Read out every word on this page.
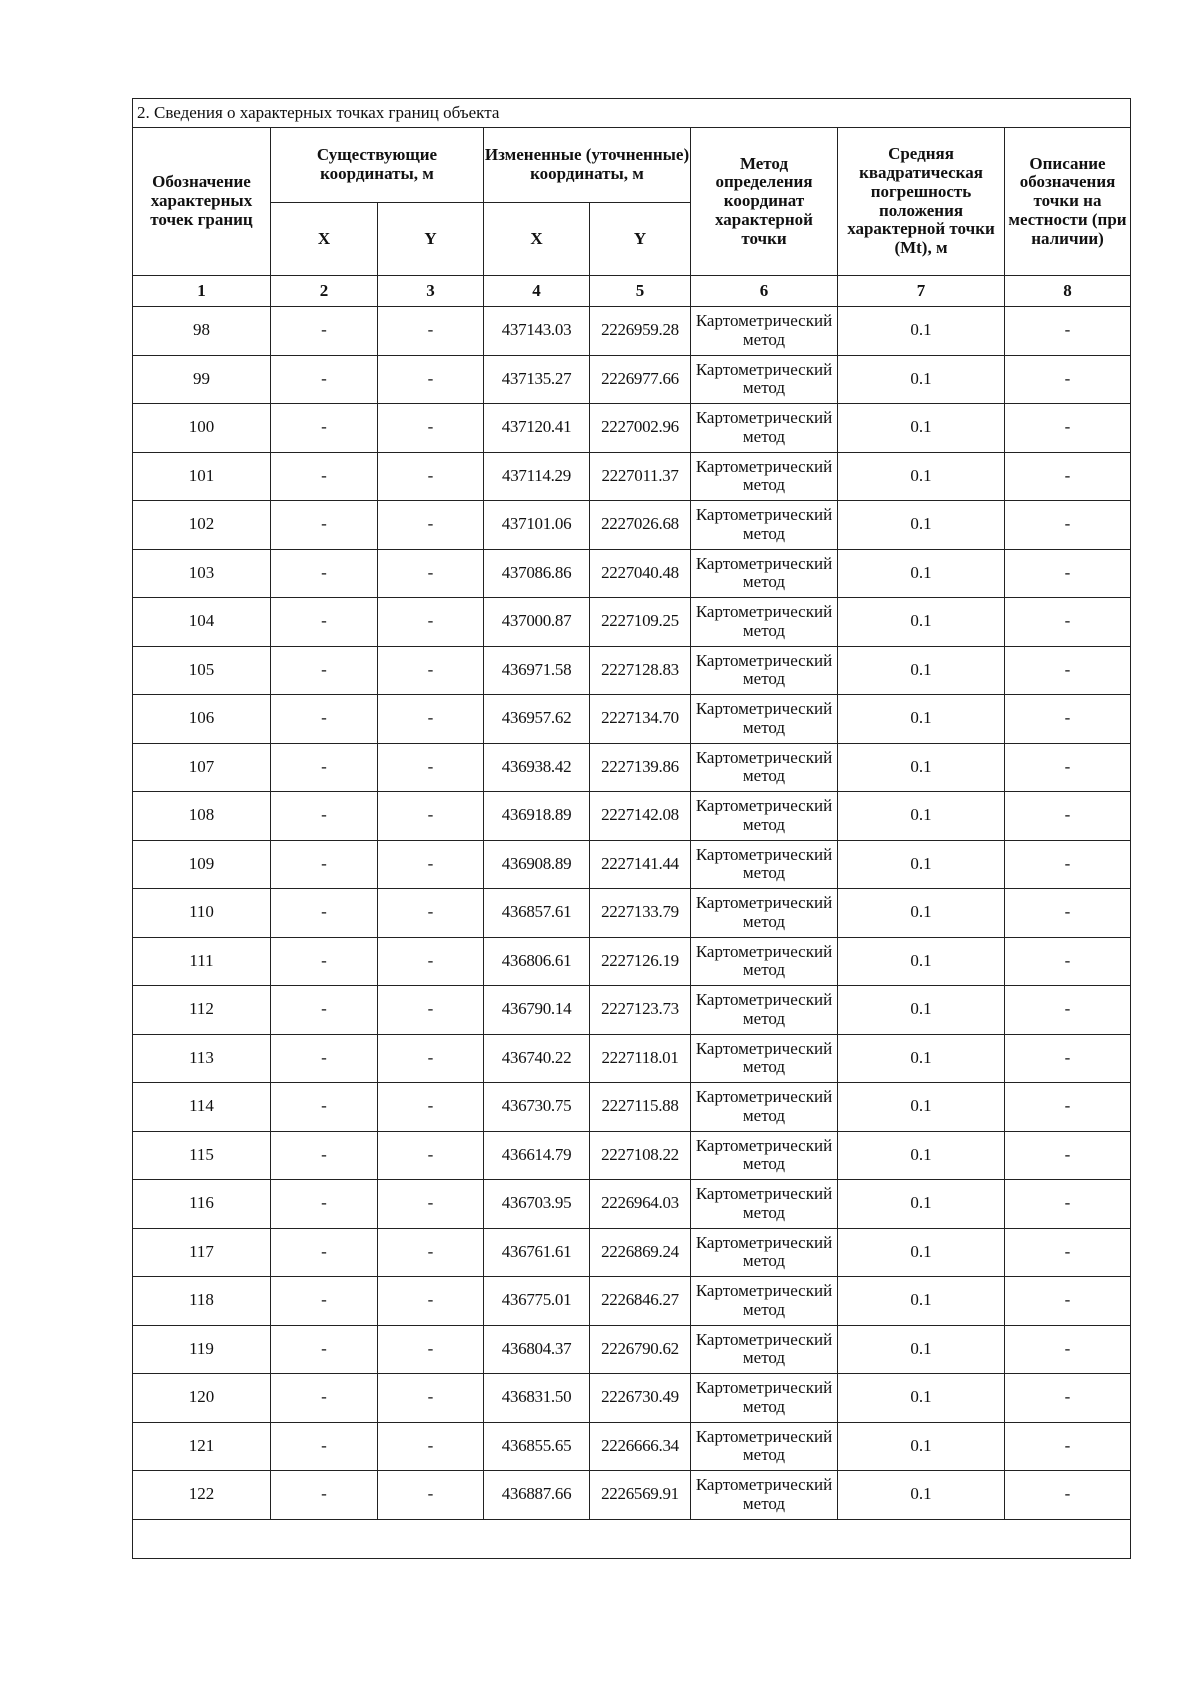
2. Сведения о характерных точках границ объекта							
Обозначение характерных точек границ	Существующие координаты, м		Измененные (уточненные) координаты, м		Метод определения координат характерной точки	Средняя квадратическая погрешность положения характерной точки (Mt), м	Описание обозначения точки на местности (при наличии)
	X	Y	X	Y			
1	2	3	4	5	6	7	8
98	-	-	437143.03	2226959.28	Картометрический метод	0.1	-
99	-	-	437135.27	2226977.66	Картометрический метод	0.1	-
100	-	-	437120.41	2227002.96	Картометрический метод	0.1	-
101	-	-	437114.29	2227011.37	Картометрический метод	0.1	-
102	-	-	437101.06	2227026.68	Картометрический метод	0.1	-
103	-	-	437086.86	2227040.48	Картометрический метод	0.1	-
104	-	-	437000.87	2227109.25	Картометрический метод	0.1	-
105	-	-	436971.58	2227128.83	Картометрический метод	0.1	-
106	-	-	436957.62	2227134.70	Картометрический метод	0.1	-
107	-	-	436938.42	2227139.86	Картометрический метод	0.1	-
108	-	-	436918.89	2227142.08	Картометрический метод	0.1	-
109	-	-	436908.89	2227141.44	Картометрический метод	0.1	-
110	-	-	436857.61	2227133.79	Картометрический метод	0.1	-
111	-	-	436806.61	2227126.19	Картометрический метод	0.1	-
112	-	-	436790.14	2227123.73	Картометрический метод	0.1	-
113	-	-	436740.22	2227118.01	Картометрический метод	0.1	-
114	-	-	436730.75	2227115.88	Картометрический метод	0.1	-
115	-	-	436614.79	2227108.22	Картометрический метод	0.1	-
116	-	-	436703.95	2226964.03	Картометрический метод	0.1	-
117	-	-	436761.61	2226869.24	Картометрический метод	0.1	-
118	-	-	436775.01	2226846.27	Картометрический метод	0.1	-
119	-	-	436804.37	2226790.62	Картометрический метод	0.1	-
120	-	-	436831.50	2226730.49	Картометрический метод	0.1	-
121	-	-	436855.65	2226666.34	Картометрический метод	0.1	-
122	-	-	436887.66	2226569.91	Картометрический метод	0.1	-
